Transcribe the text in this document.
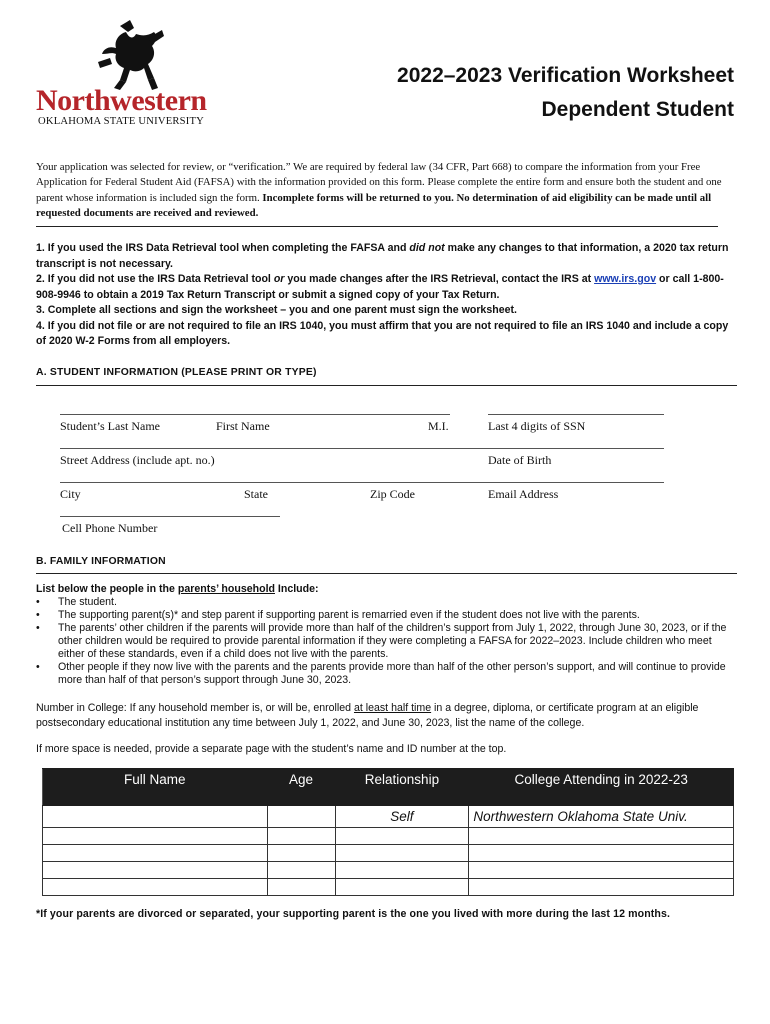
Northwestern
OKLAHOMA STATE UNIVERSITY
2022–2023 Verification Worksheet
Dependent Student
Your application was selected for review, or “verification.” We are required by federal law (34 CFR, Part 668) to compare the information from your Free Application for Federal Student Aid (FAFSA) with the information provided on this form. Please complete the entire form and ensure both the student and one parent whose information is included sign the form. Incomplete forms will be returned to you. No determination of aid eligibility can be made until all requested documents are received and reviewed.
1. If you used the IRS Data Retrieval tool when completing the FAFSA and did not make any changes to that information, a 2020 tax return transcript is not necessary.
2. If you did not use the IRS Data Retrieval tool or you made changes after the IRS Retrieval, contact the IRS at www.irs.gov or call 1-800-908-9946 to obtain a 2019 Tax Return Transcript or submit a signed copy of your Tax Return.
3. Complete all sections and sign the worksheet – you and one parent must sign the worksheet.
4. If you did not file or are not required to file an IRS 1040, you must affirm that you are not required to file an IRS 1040 and include a copy of 2020 W-2 Forms from all employers.
A. STUDENT INFORMATION (PLEASE PRINT OR TYPE)
Student’s Last Name	First Name	M.I.	Last 4 digits of SSN
Street Address (include apt. no.)	Date of Birth
City	State	Zip Code	Email Address
Cell Phone Number
B. FAMILY INFORMATION
List below the people in the parents’ household Include:
• The student.
• The supporting parent(s)* and step parent if supporting parent is remarried even if the student does not live with the parents.
• The parents’ other children if the parents will provide more than half of the children’s support from July 1, 2022, through June 30, 2023, or if the other children would be required to provide parental information if they were completing a FAFSA for 2022–2023. Include children who meet either of these standards, even if a child does not live with the parents.
• Other people if they now live with the parents and the parents provide more than half of the other person’s support, and will continue to provide more than half of that person’s support through June 30, 2023.
Number in College: If any household member is, or will be, enrolled at least half time in a degree, diploma, or certificate program at an eligible postsecondary educational institution any time between July 1, 2022, and June 30, 2023, list the name of the college.
If more space is needed, provide a separate page with the student’s name and ID number at the top.
Full Name	Age	Relationship	College Attending in 2022-23
		Self	Northwestern Oklahoma State Univ.

*If your parents are divorced or separated, your supporting parent is the one you lived with more during the last 12 months.
